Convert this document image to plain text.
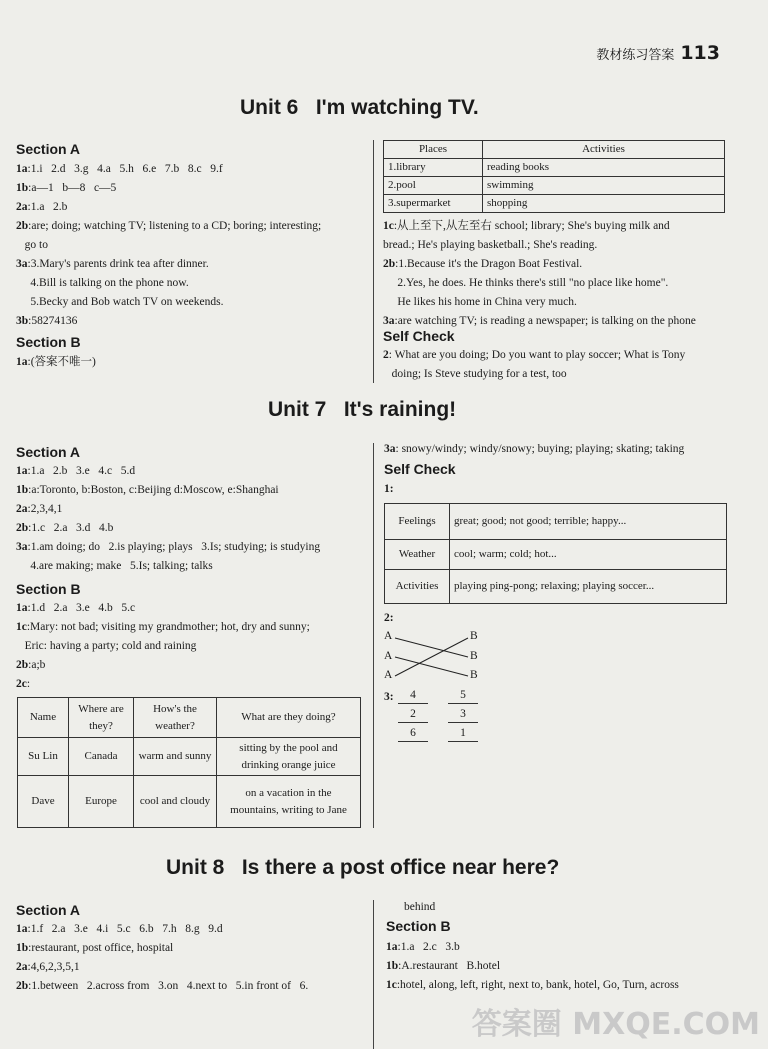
教材练习答案 113
Unit 6   I'm watching TV.
Section A
1a:1.i   2.d   3.g   4.a   5.h   6.e   7.b   8.c   9.f
1b:a—1   b—8   c—5
2a:1.a   2.b
2b:are; doing; watching TV; listening to a CD; boring; interesting;
go to
3a:3.Mary's parents drink tea after dinner.
4.Bill is talking on the phone now.
5.Becky and Bob watch TV on weekends.
3b:58274136
Section B
1a:(答案不唯一)
Places	Activities
1.library	reading books
2.pool	swimming
3.supermarket	shopping
1c:从上至下,从左至右 school; library; She's buying milk and
bread.; He's playing basketball.; She's reading.
2b:1.Because it's the Dragon Boat Festival.
2.Yes, he does. He thinks there's still "no place like home".
He likes his home in China very much.
3a:are watching TV; is reading a newspaper; is talking on the phone
Self Check
2: What are you doing; Do you want to play soccer; What is Tony
doing; Is Steve studying for a test, too
Unit 7   It's raining!
Section A
1a:1.a   2.b   3.e   4.c   5.d
1b:a:Toronto, b:Boston, c:Beijing d:Moscow, e:Shanghai
2a:2,3,4,1
2b:1.c   2.a   3.d   4.b
3a:1.am doing; do   2.is playing; plays   3.Is; studying; is studying
4.are making; make   5.Is; talking; talks
Section B
1a:1.d   2.a   3.e   4.b   5.c
1c:Mary: not bad; visiting my grandmother; hot, dry and sunny;
Eric: having a party; cold and raining
2b:a;b
2c:
Name	Where are they?	How's the weather?	What are they doing?
Su Lin	Canada	warm and sunny	sitting by the pool and drinking orange juice
Dave	Europe	cool and cloudy	on a vacation in the mountains, writing to Jane
3a: snowy/windy; windy/snowy; buying; playing; skating; taking
Self Check
1:
Feelings	great; good; not good; terrible; happy...
Weather	cool; warm; cold; hot...
Activities	playing ping-pong; relaxing; playing soccer...
2:
A
A
A
B
B
B
3:	4	5
2	3
6	1
Unit 8   Is there a post office near here?
Section A
1a:1.f   2.a   3.e   4.i   5.c   6.b   7.h   8.g   9.d
1b:restaurant, post office, hospital
2a:4,6,2,3,5,1
2b:1.between   2.across from   3.on   4.next to   5.in front of   6.
behind
Section B
1a:1.a   2.c   3.b
1b:A.restaurant   B.hotel
1c:hotel, along, left, right, next to, bank, hotel, Go, Turn, across
答案圈 MXQE.COM
